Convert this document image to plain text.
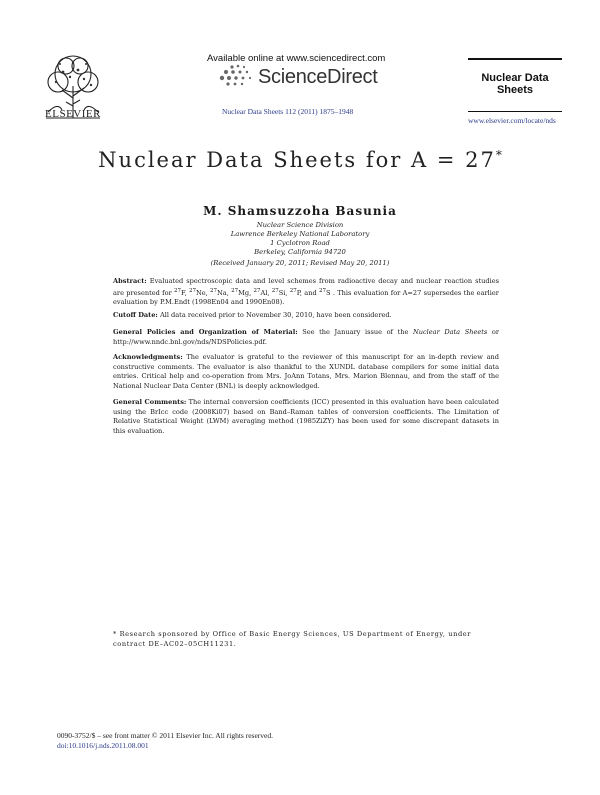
ELSEVIER
Available online at www.sciencedirect.com
ScienceDirect
Nuclear Data Sheets 112 (2011) 1875–1948
Nuclear Data
Sheets
www.elsevier.com/locate/nds
Nuclear Data Sheets for A = 27*
M. Shamsuzzoha Basunia
Nuclear Science Division
Lawrence Berkeley National Laboratory
1 Cyclotron Road
Berkeley, California 94720
(Received January 20, 2011; Revised May 20, 2011)
Abstract: Evaluated spectroscopic data and level schemes from radioactive decay and nuclear reaction studies are presented for $^{27}$F, $^{27}$Ne, $^{27}$Na, $^{27}$Mg, $^{27}$Al, $^{27}$Si, $^{27}$P, and $^{27}$S . This evaluation for A=27 supersedes the earlier evaluation by P.M.Endt (1998En04 and 1990En08).
Cutoff Date: All data received prior to November 30, 2010, have been considered.
General Policies and Organization of Material: See the January issue of the Nuclear Data Sheets or http://www.nndc.bnl.gov/nds/NDSPolicies.pdf.
Acknowledgments: The evaluator is grateful to the reviewer of this manuscript for an in-depth review and constructive comments. The evaluator is also thankful to the XUNDL database compilers for some initial data entries. Critical help and co-operation from Mrs. JoAnn Totans, Mrs. Marion Blennau, and from the staff of the National Nuclear Data Center (BNL) is deeply acknowledged.
General Comments: The internal conversion coefficients (ICC) presented in this evaluation have been calculated using the BrIcc code (2008Ki07) based on Band–Raman tables of conversion coefficients. The Limitation of Relative Statistical Weight (LWM) averaging method (1985ZiZY) has been used for some discrepant datasets in this evaluation.
* Research sponsored by Office of Basic Energy Sciences, US Department of Energy, under contract DE–AC02–05CH11231.
0090-3752/$ – see front matter © 2011 Elsevier Inc. All rights reserved.
doi:10.1016/j.nds.2011.08.001
